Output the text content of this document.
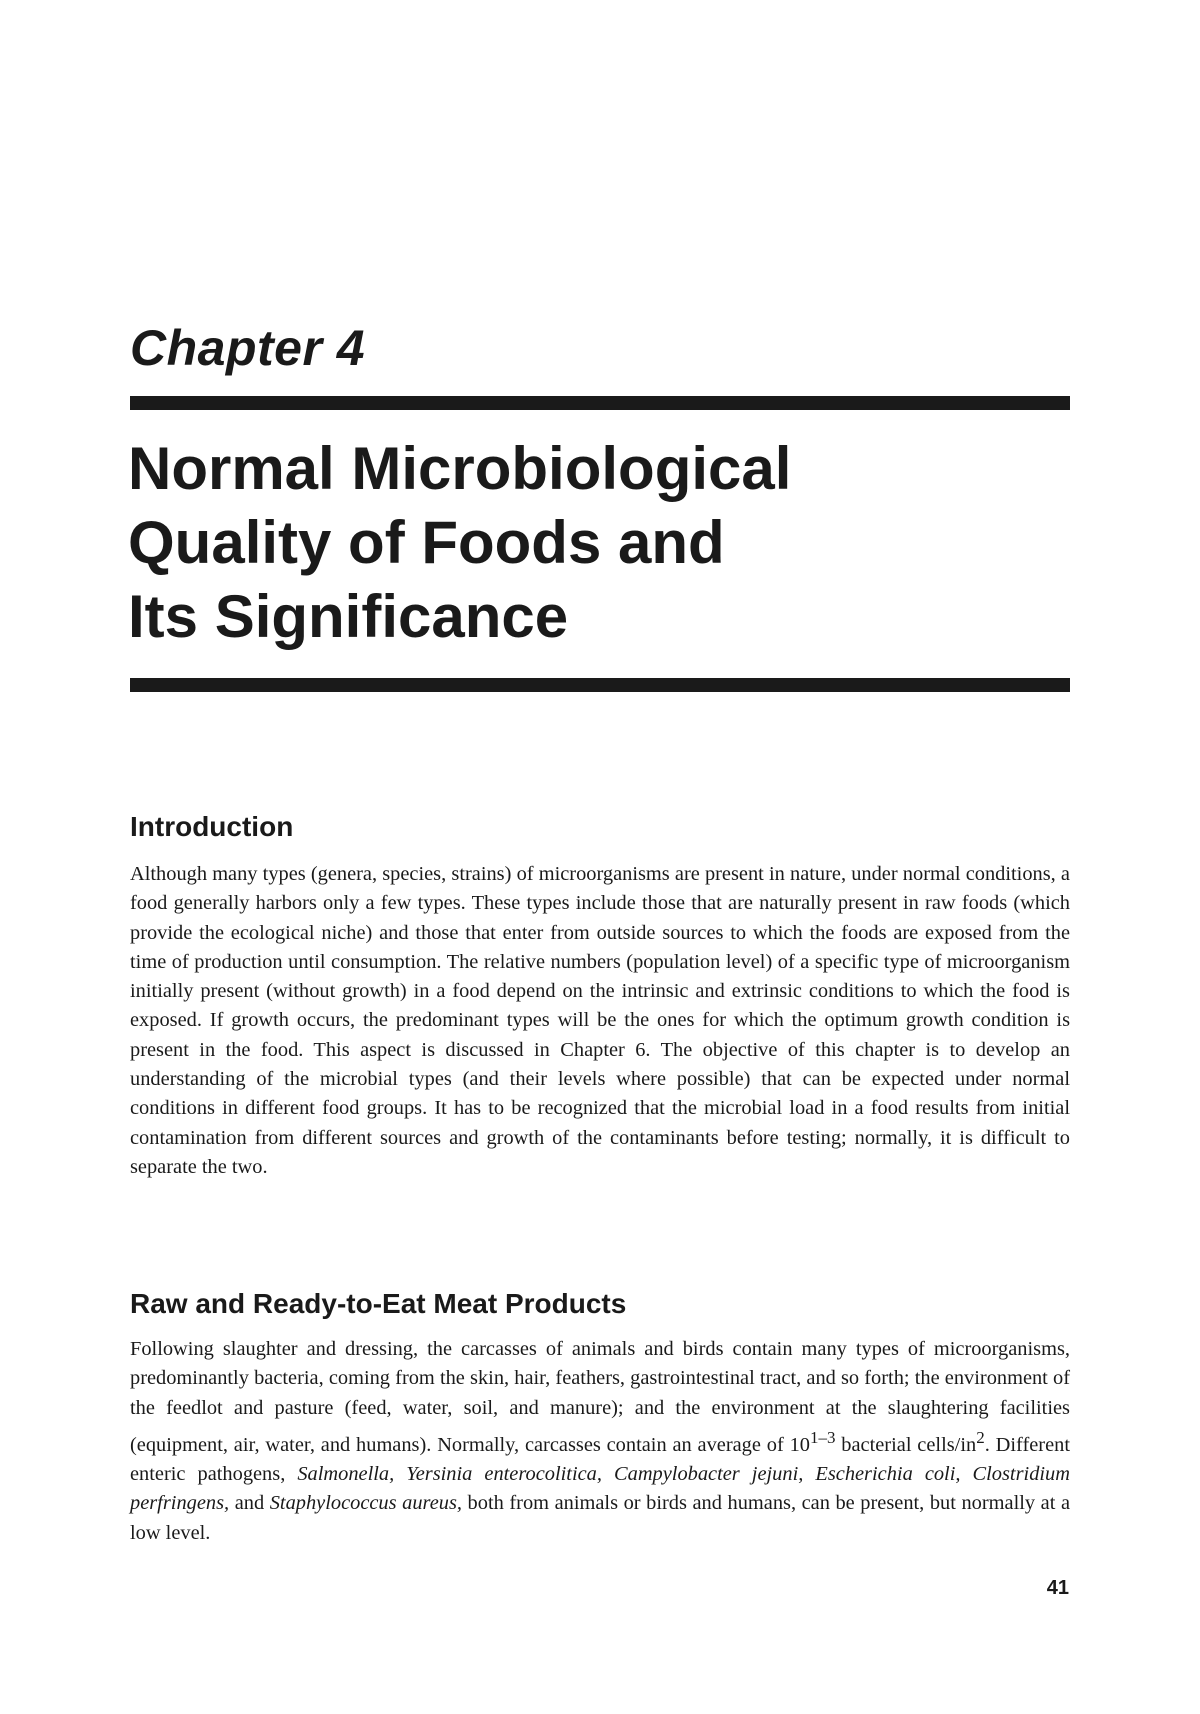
Chapter 4
Normal Microbiological
Quality of Foods and
Its Significance
Introduction

Although many types (genera, species, strains) of microorganisms are present in nature, under normal conditions, a food generally harbors only a few types. These types include those that are naturally present in raw foods (which provide the ecological niche) and those that enter from outside sources to which the foods are exposed from the time of production until consumption. The relative numbers (population level) of a specific type of microorganism initially present (without growth) in a food depend on the intrinsic and extrinsic conditions to which the food is exposed. If growth occurs, the predominant types will be the ones for which the optimum growth condition is present in the food. This aspect is discussed in Chapter 6. The objective of this chapter is to develop an understanding of the microbial types (and their levels where possible) that can be expected under normal conditions in different food groups. It has to be recognized that the microbial load in a food results from initial contamination from different sources and growth of the contaminants before testing; normally, it is difficult to separate the two.

Raw and Ready-to-Eat Meat Products

Following slaughter and dressing, the carcasses of animals and birds contain many types of microorganisms, predominantly bacteria, coming from the skin, hair, feathers, gastrointestinal tract, and so forth; the environment of the feedlot and pasture (feed, water, soil, and manure); and the environment at the slaughtering facilities (equipment, air, water, and humans). Normally, carcasses contain an average of 10$^{1-3}$ bacterial cells/$in^2$. Different enteric pathogens, Salmonella, Yersinia enterocolitica, Campylobacter jejuni, Escherichia coli, Clostridium perfringens, and Staphylococcus aureus, both from animals or birds and humans, can be present, but normally at a low level.

41
